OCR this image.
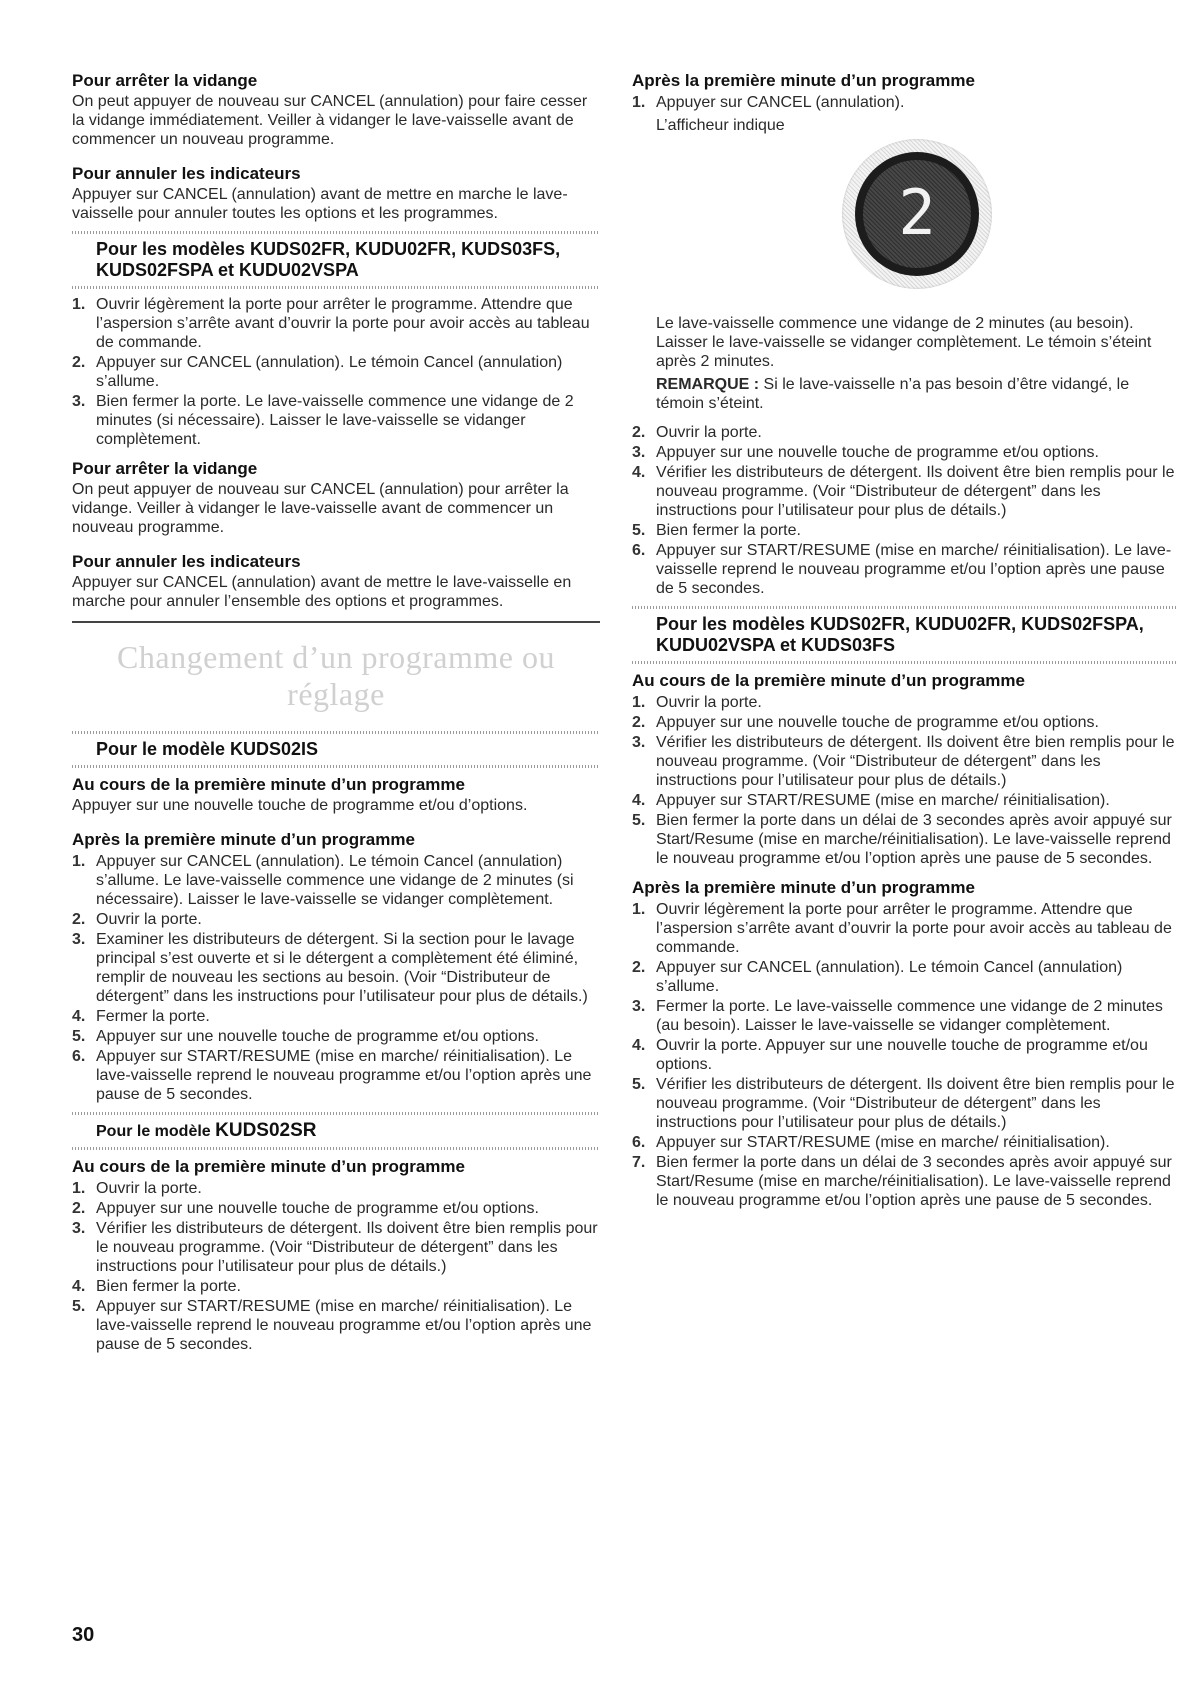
Pour arrêter la vidange

On peut appuyer de nouveau sur CANCEL (annulation) pour faire cesser la vidange immédiatement. Veiller à vidanger le lave-vaisselle avant de commencer un nouveau programme.

Pour annuler les indicateurs

Appuyer sur CANCEL (annulation) avant de mettre en marche le lave-vaisselle pour annuler toutes les options et les programmes.

Pour les modèles KUDS02FR, KUDU02FR, KUDS03FS, KUDS02FSPA et KUDU02VSPA
1. Ouvrir légèrement la porte pour arrêter le programme. Attendre que l’aspersion s’arrête avant d’ouvrir la porte pour avoir accès au tableau de commande.
2. Appuyer sur CANCEL (annulation). Le témoin Cancel (annulation) s’allume.
3. Bien fermer la porte. Le lave-vaisselle commence une vidange de 2 minutes (si nécessaire). Laisser le lave-vaisselle se vidanger complètement.
Pour arrêter la vidange

On peut appuyer de nouveau sur CANCEL (annulation) pour arrêter la vidange. Veiller à vidanger le lave-vaisselle avant de commencer un nouveau programme.

Pour annuler les indicateurs

Appuyer sur CANCEL (annulation) avant de mettre le lave-vaisselle en marche pour annuler l’ensemble des options et programmes.

Changement d’un programme ou réglage
Pour le modèle KUDS02IS
Au cours de la première minute d’un programme

Appuyer sur une nouvelle touche de programme et/ou d’options.

Après la première minute d’un programme
1. Appuyer sur CANCEL (annulation). Le témoin Cancel (annulation) s’allume. Le lave-vaisselle commence une vidange de 2 minutes (si nécessaire). Laisser le lave-vaisselle se vidanger complètement.
2. Ouvrir la porte.
3. Examiner les distributeurs de détergent. Si la section pour le lavage principal s’est ouverte et si le détergent a complètement été éliminé, remplir de nouveau les sections au besoin. (Voir “Distributeur de détergent” dans les instructions pour l’utilisateur pour plus de détails.)
4. Fermer la porte.
5. Appuyer sur une nouvelle touche de programme et/ou options.
6. Appuyer sur START/RESUME (mise en marche/ réinitialisation). Le lave-vaisselle reprend le nouveau programme et/ou l’option après une pause de 5 secondes.
Pour le modèle KUDS02SR
Au cours de la première minute d’un programme
1. Ouvrir la porte.
2. Appuyer sur une nouvelle touche de programme et/ou options.
3. Vérifier les distributeurs de détergent. Ils doivent être bien remplis pour le nouveau programme. (Voir “Distributeur de détergent” dans les instructions pour l’utilisateur pour plus de détails.)
4. Bien fermer la porte.
5. Appuyer sur START/RESUME (mise en marche/ réinitialisation). Le lave-vaisselle reprend le nouveau programme et/ou l’option après une pause de 5 secondes.
Après la première minute d’un programme
1. Appuyer sur CANCEL (annulation).

L’afficheur indique

2

Le lave-vaisselle commence une vidange de 2 minutes (au besoin). Laisser le lave-vaisselle se vidanger complètement. Le témoin s’éteint après 2 minutes.

REMARQUE : Si le lave-vaisselle n’a pas besoin d’être vidangé, le témoin s’éteint.

2. Ouvrir la porte.
3. Appuyer sur une nouvelle touche de programme et/ou options.
4. Vérifier les distributeurs de détergent. Ils doivent être bien remplis pour le nouveau programme. (Voir “Distributeur de détergent” dans les instructions pour l’utilisateur pour plus de détails.)
5. Bien fermer la porte.
6. Appuyer sur START/RESUME (mise en marche/ réinitialisation). Le lave-vaisselle reprend le nouveau programme et/ou l’option après une pause de 5 secondes.
Pour les modèles KUDS02FR, KUDU02FR, KUDS02FSPA, KUDU02VSPA et KUDS03FS
Au cours de la première minute d’un programme
1. Ouvrir la porte.
2. Appuyer sur une nouvelle touche de programme et/ou options.
3. Vérifier les distributeurs de détergent. Ils doivent être bien remplis pour le nouveau programme. (Voir “Distributeur de détergent” dans les instructions pour l’utilisateur pour plus de détails.)
4. Appuyer sur START/RESUME (mise en marche/ réinitialisation).
5. Bien fermer la porte dans un délai de 3 secondes après avoir appuyé sur Start/Resume (mise en marche/réinitialisation). Le lave-vaisselle reprend le nouveau programme et/ou l’option après une pause de 5 secondes.
Après la première minute d’un programme
1. Ouvrir légèrement la porte pour arrêter le programme. Attendre que l’aspersion s’arrête avant d’ouvrir la porte pour avoir accès au tableau de commande.
2. Appuyer sur CANCEL (annulation). Le témoin Cancel (annulation) s’allume.
3. Fermer la porte. Le lave-vaisselle commence une vidange de 2 minutes (au besoin). Laisser le lave-vaisselle se vidanger complètement.
4. Ouvrir la porte. Appuyer sur une nouvelle touche de programme et/ou options.
5. Vérifier les distributeurs de détergent. Ils doivent être bien remplis pour le nouveau programme. (Voir “Distributeur de détergent” dans les instructions pour l’utilisateur pour plus de détails.)
6. Appuyer sur START/RESUME (mise en marche/ réinitialisation).
7. Bien fermer la porte dans un délai de 3 secondes après avoir appuyé sur Start/Resume (mise en marche/réinitialisation). Le lave-vaisselle reprend le nouveau programme et/ou l’option après une pause de 5 secondes.
30
